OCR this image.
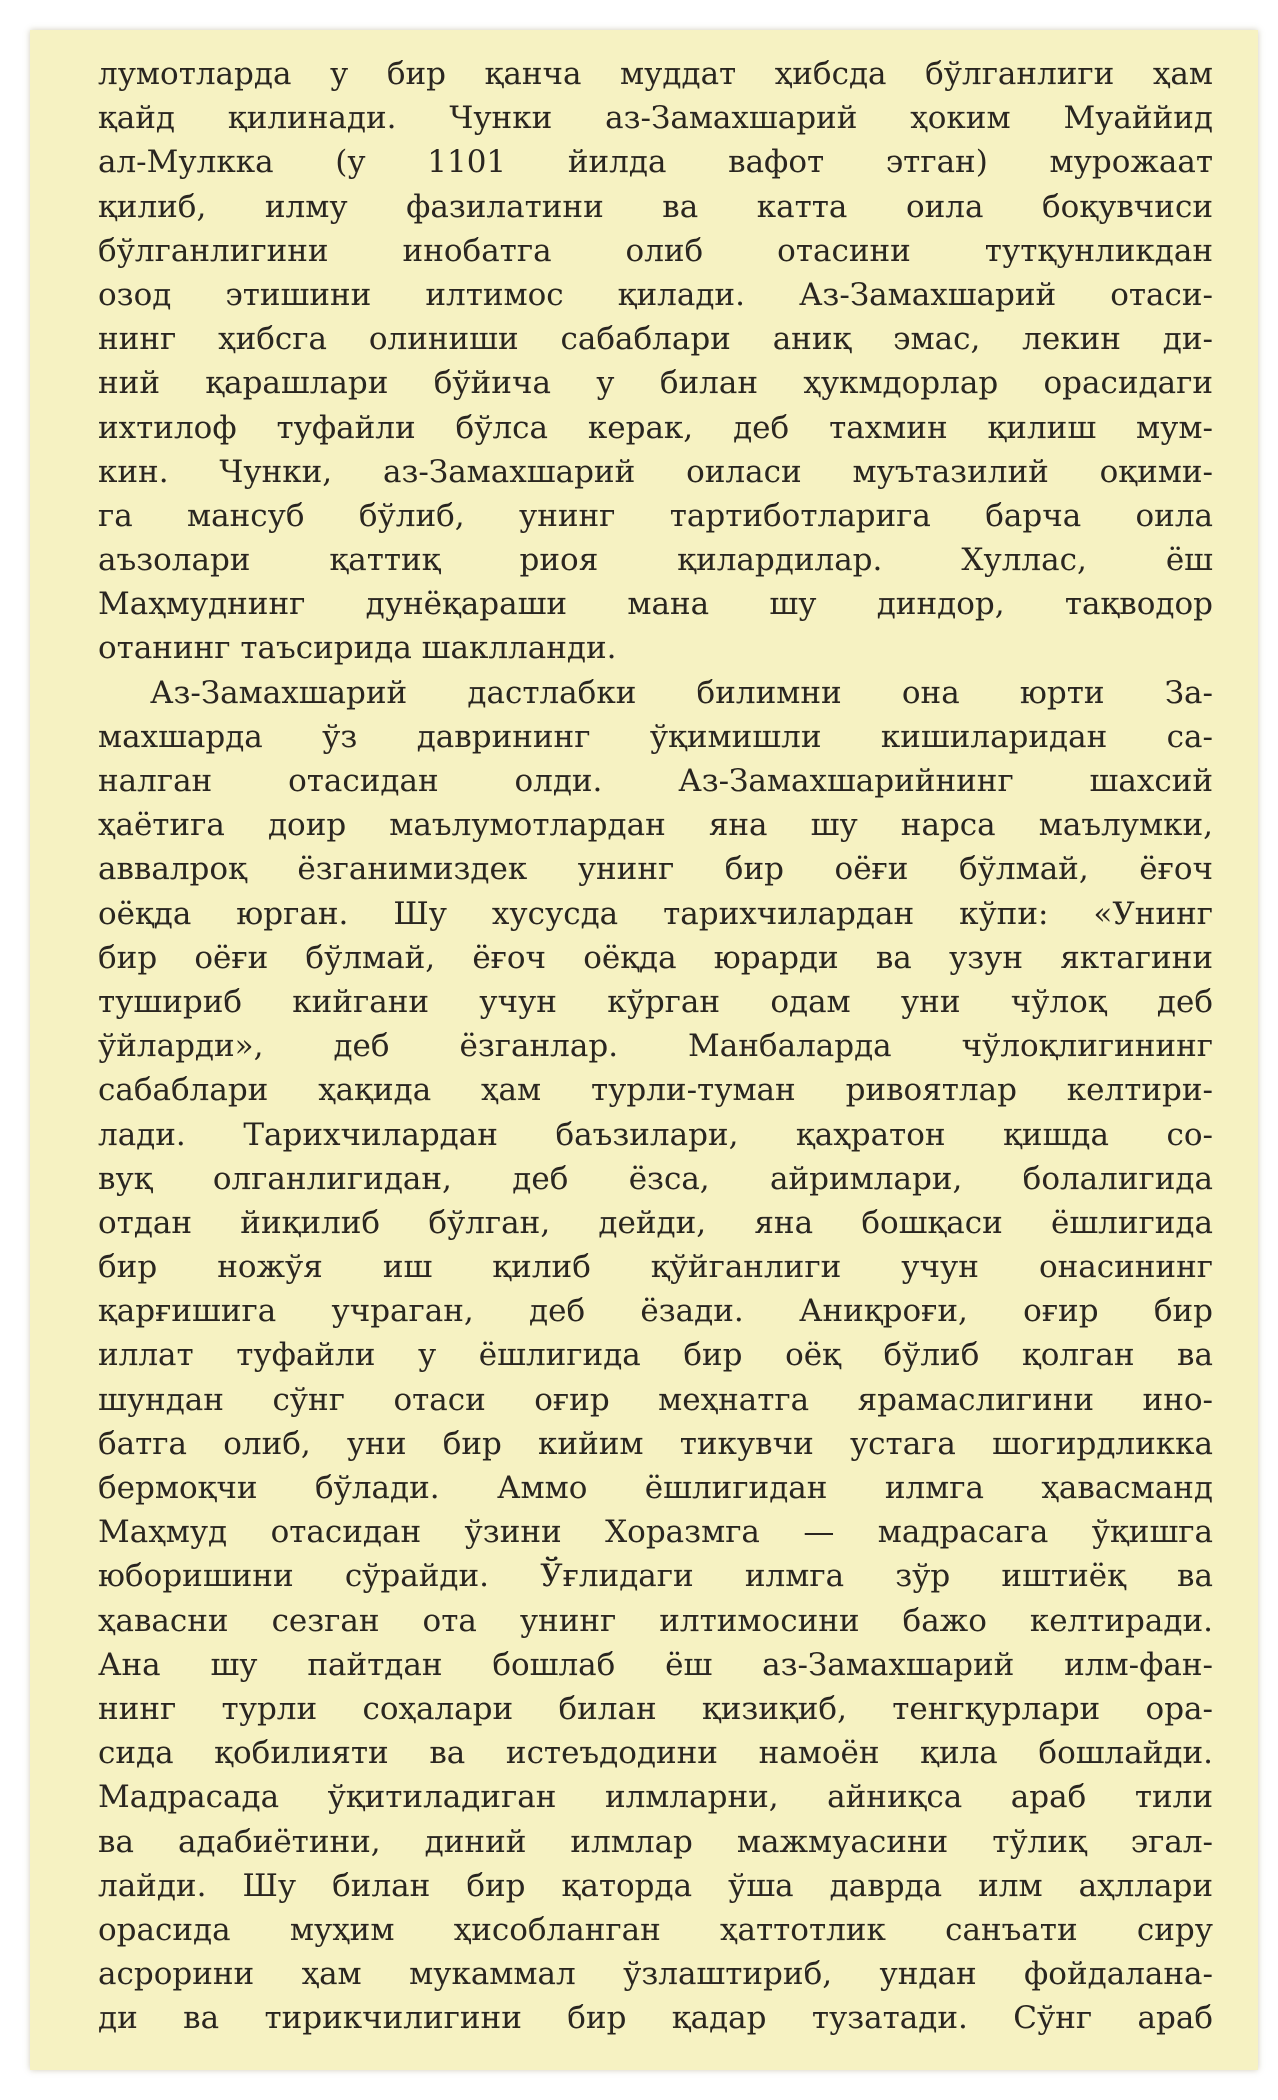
лумотларда у бир қанча муддат ҳибсда бўлганлиги ҳам
қайд қилинади. Чунки аз-Замахшарий ҳоким Муаййид
ал-Мулкка (у 1101 йилда вафот этган) мурожаат
қилиб, илму фазилатини ва катта оила боқувчиси
бўлганлигини инобатга олиб отасини тутқунликдан
озод этишини илтимос қилади. Аз-Замахшарий отаси-
нинг ҳибсга олиниши сабаблари аниқ эмас, лекин ди-
ний қарашлари бўйича у билан ҳукмдорлар орасидаги
ихтилоф туфайли бўлса керак, деб тахмин қилиш мум-
кин. Чунки, аз-Замахшарий оиласи муътазилий оқими-
га мансуб бўлиб, унинг тартиботларига барча оила
аъзолари қаттиқ риоя қилардилар. Хуллас, ёш
Маҳмуднинг дунёқараши мана шу диндор, тақводор
отанинг таъсирида шаклланди.
Аз-Замахшарий дастлабки билимни она юрти За-
махшарда ўз даврининг ўқимишли кишиларидан са-
налган отасидан олди. Аз-Замахшарийнинг шахсий
ҳаётига доир маълумотлардан яна шу нарса маълумки,
аввалроқ ёзганимиздек унинг бир оёғи бўлмай, ёғоч
оёқда юрган. Шу хусусда тарихчилардан кўпи: «Унинг
бир оёғи бўлмай, ёғоч оёқда юрарди ва узун яктагини
тушириб кийгани учун кўрган одам уни чўлоқ деб
ўйларди», деб ёзганлар. Манбаларда чўлоқлигининг
сабаблари ҳақида ҳам турли-туман ривоятлар келтири-
лади. Тарихчилардан баъзилари, қаҳратон қишда со-
вуқ олганлигидан, деб ёзса, айримлари, болалигида
отдан йиқилиб бўлган, дейди, яна бошқаси ёшлигида
бир ножўя иш қилиб қўйганлиги учун онасининг
қарғишига учраган, деб ёзади. Аниқроғи, оғир бир
иллат туфайли у ёшлигида бир оёқ бўлиб қолган ва
шундан сўнг отаси оғир меҳнатга ярамаслигини ино-
батга олиб, уни бир кийим тикувчи устага шогирдликка
бермоқчи бўлади. Аммо ёшлигидан илмга ҳавасманд
Маҳмуд отасидан ўзини Хоразмга — мадрасага ўқишга
юборишини сўрайди. Ўғлидаги илмга зўр иштиёқ ва
ҳавасни сезган ота унинг илтимосини бажо келтиради.
Ана шу пайтдан бошлаб ёш аз-Замахшарий илм-фан-
нинг турли соҳалари билан қизиқиб, тенгқурлари ора-
сида қобилияти ва истеъдодини намоён қила бошлайди.
Мадрасада ўқитиладиган илмларни, айниқса араб тили
ва адабиётини, диний илмлар мажмуасини тўлиқ эгал-
лайди. Шу билан бир қаторда ўша даврда илм аҳллари
орасида муҳим ҳисобланган ҳаттотлик санъати сиру
асрорини ҳам мукаммал ўзлаштириб, ундан фойдалана-
ди ва тирикчилигини бир қадар тузатади. Сўнг араб
